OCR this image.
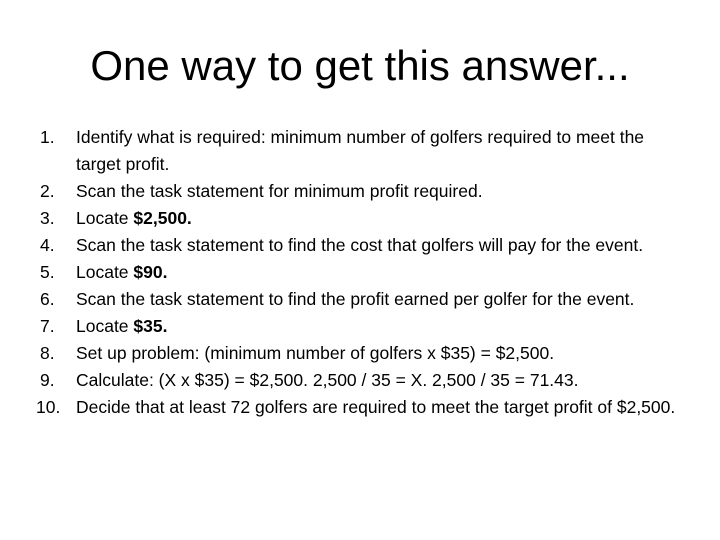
One way to get this answer...
1. Identify what is required: minimum number of golfers required to meet the target profit.
2. Scan the task statement for minimum profit required.
3. Locate $2,500.
4. Scan the task statement to find the cost that golfers will pay for the event.
5. Locate $90.
6. Scan the task statement to find the profit earned per golfer for the event.
7. Locate $35.
8. Set up problem: (minimum number of golfers x $35) = $2,500.
9. Calculate: (X x $35) = $2,500. 2,500 / 35 = X. 2,500 / 35 = 71.43.
10. Decide that at least 72 golfers are required to meet the target profit of $2,500.
